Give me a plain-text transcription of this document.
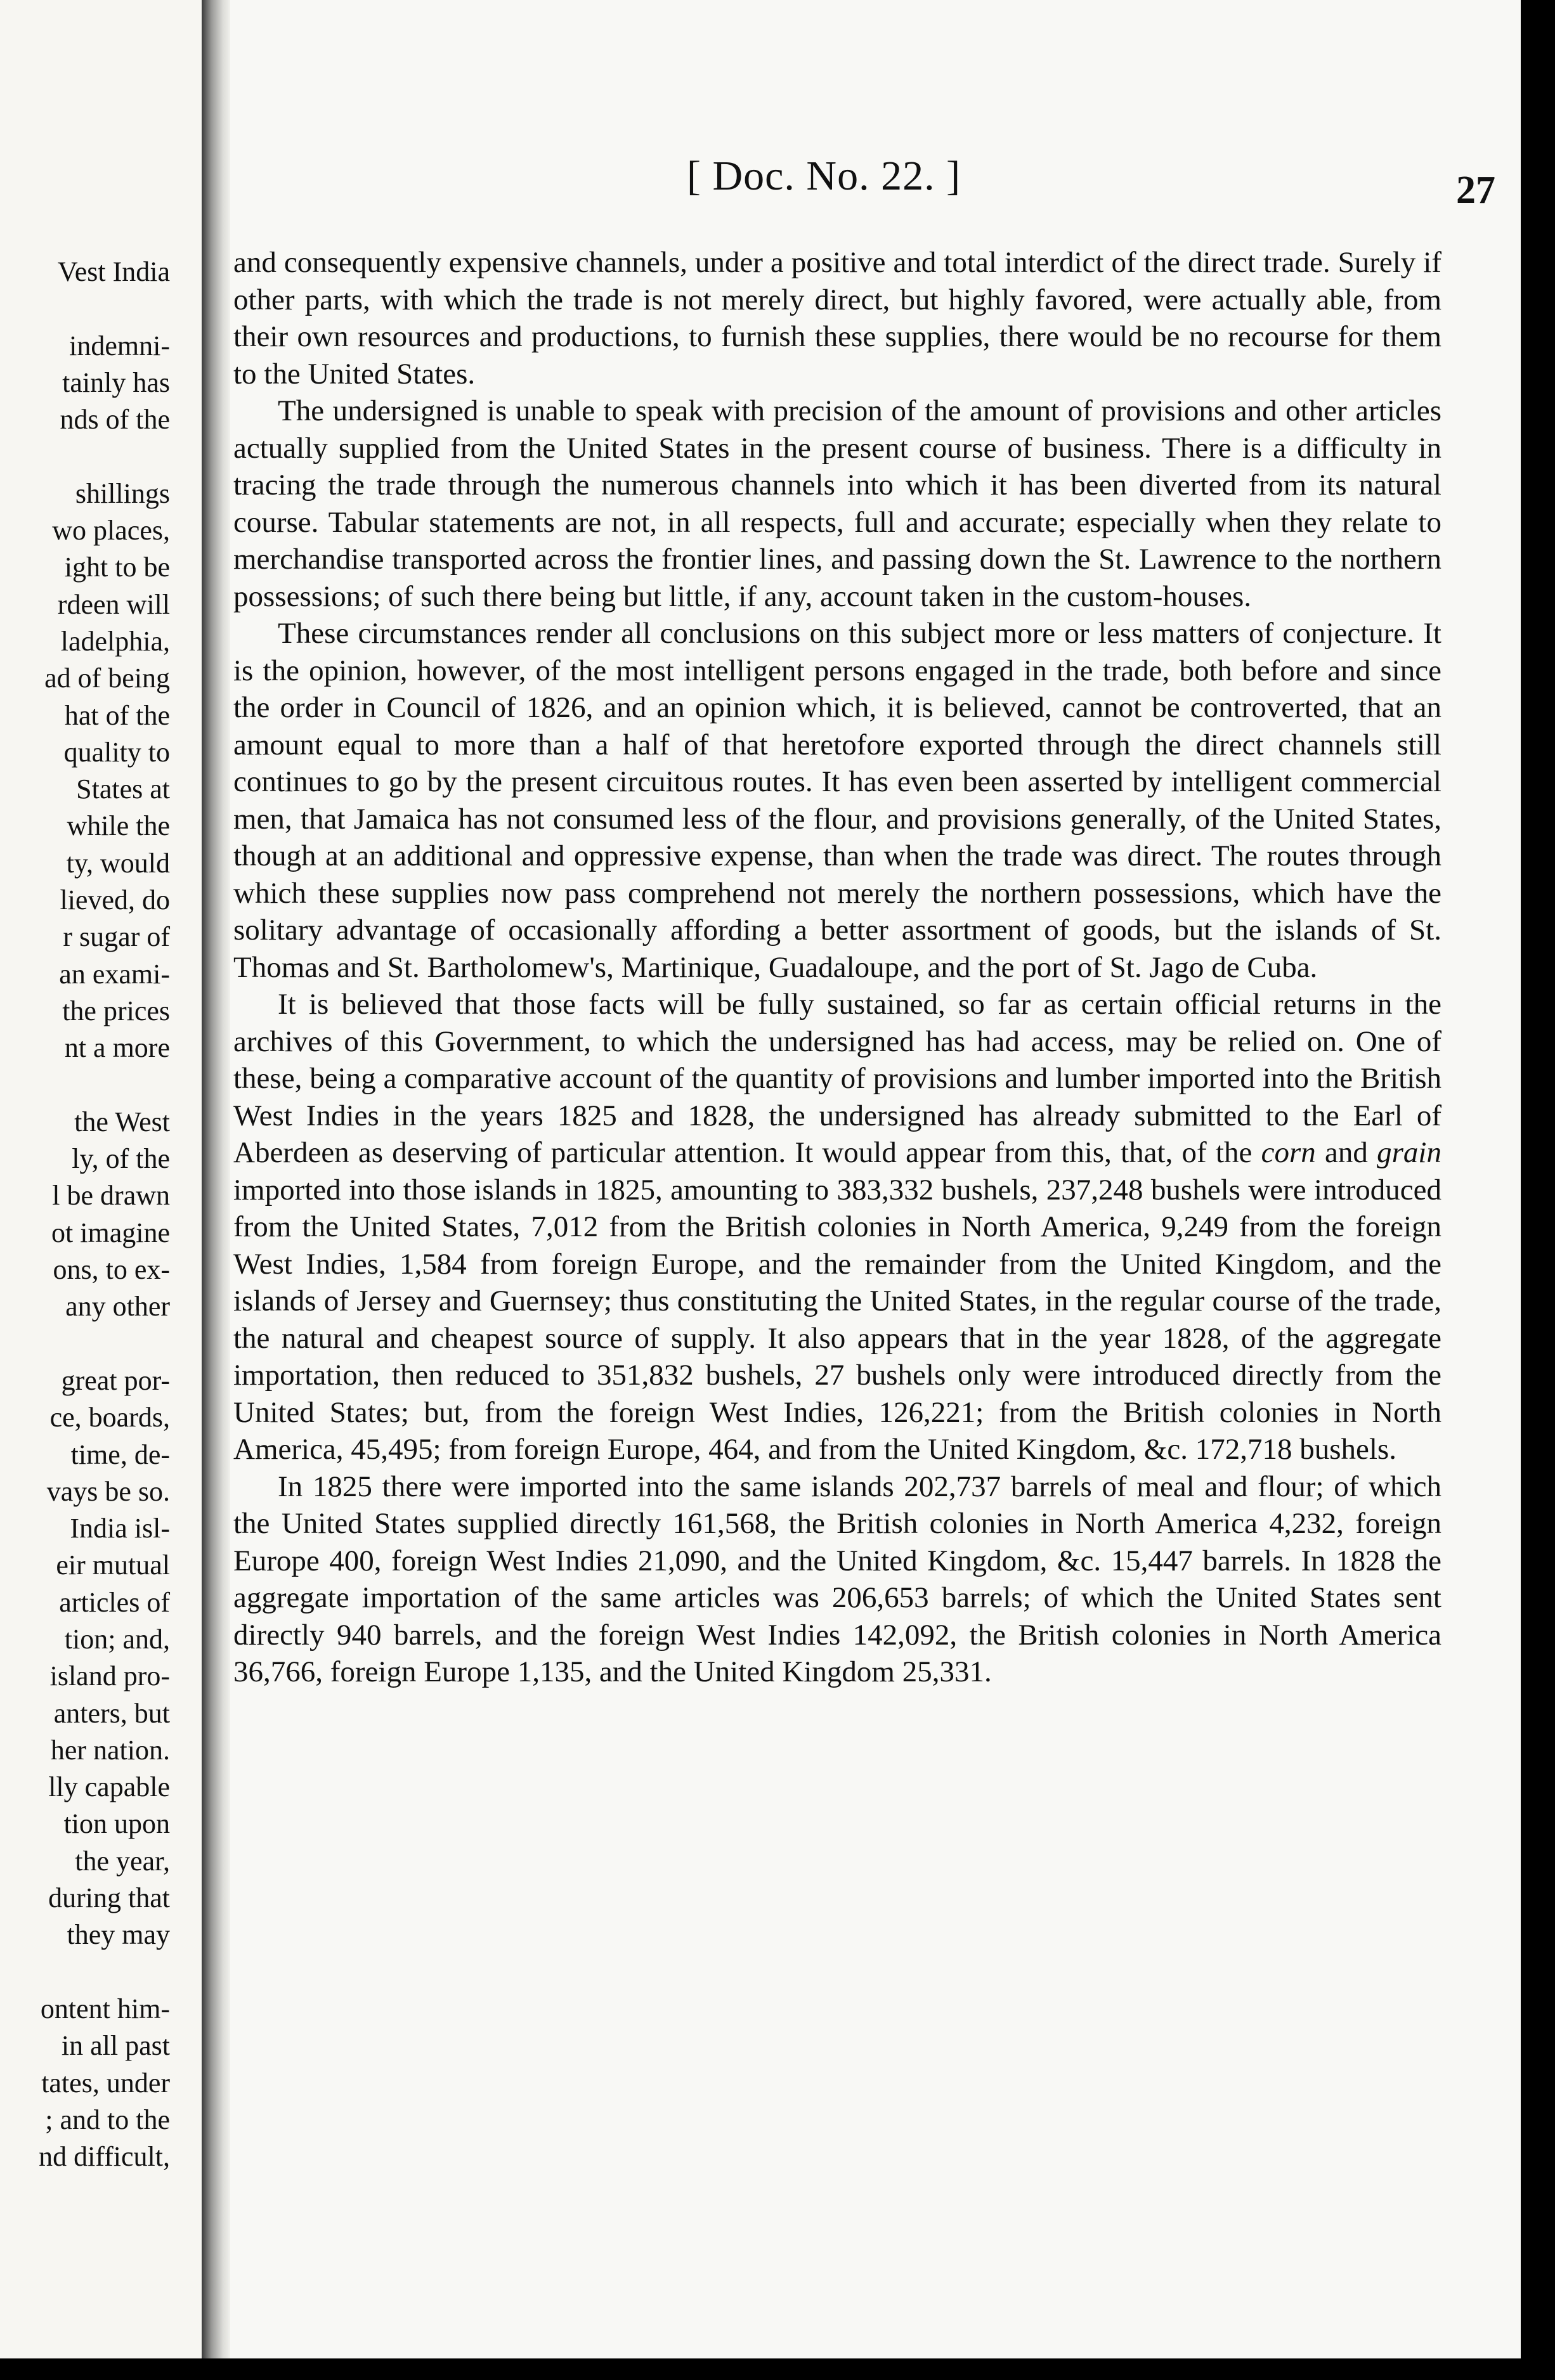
Vest India
indemni-
tainly has
nds of the
shillings
wo places,
ight to be
rdeen will
ladelphia,
ad of being
hat of the
quality to
States at
while the
ty, would
lieved, do
r sugar of
an exami-
the prices
nt a more
the West
ly, of the
l be drawn
ot imagine
ons, to ex-
any other
great por-
ce, boards,
time, de-
vays be so.
India isl-
eir mutual
articles of
tion; and,
island pro-
anters, but
her nation.
lly capable
tion upon
the year,
during that
they may
ontent him-
in all past
tates, under
; and to the
nd difficult,
[ Doc. No. 22. ]	27

and consequently expensive channels, under a positive and total interdict of the direct trade. Surely if other parts, with which the trade is not merely direct, but highly favored, were actually able, from their own resources and productions, to furnish these supplies, there would be no recourse for them to the United States.

The undersigned is unable to speak with precision of the amount of provisions and other articles actually supplied from the United States in the present course of business. There is a difficulty in tracing the trade through the numerous channels into which it has been diverted from its natural course. Tabular statements are not, in all respects, full and accurate; especially when they relate to merchandise transported across the frontier lines, and passing down the St. Lawrence to the northern possessions; of such there being but little, if any, account taken in the custom-houses.

These circumstances render all conclusions on this subject more or less matters of conjecture. It is the opinion, however, of the most intelligent persons engaged in the trade, both before and since the order in Council of 1826, and an opinion which, it is believed, cannot be controverted, that an amount equal to more than a half of that heretofore exported through the direct channels still continues to go by the present circuitous routes. It has even been asserted by intelligent commercial men, that Jamaica has not consumed less of the flour, and provisions generally, of the United States, though at an additional and oppressive expense, than when the trade was direct. The routes through which these supplies now pass comprehend not merely the northern possessions, which have the solitary advantage of occasionally affording a better assortment of goods, but the islands of St. Thomas and St. Bartholomew's, Martinique, Guadaloupe, and the port of St. Jago de Cuba.

It is believed that those facts will be fully sustained, so far as certain official returns in the archives of this Government, to which the undersigned has had access, may be relied on. One of these, being a comparative account of the quantity of provisions and lumber imported into the British West Indies in the years 1825 and 1828, the undersigned has already submitted to the Earl of Aberdeen as deserving of particular attention. It would appear from this, that, of the corn and grain imported into those islands in 1825, amounting to 383,332 bushels, 237,248 bushels were introduced from the United States, 7,012 from the British colonies in North America, 9,249 from the foreign West Indies, 1,584 from foreign Europe, and the remainder from the United Kingdom, and the islands of Jersey and Guernsey; thus constituting the United States, in the regular course of the trade, the natural and cheapest source of supply. It also appears that in the year 1828, of the aggregate importation, then reduced to 351,832 bushels, 27 bushels only were introduced directly from the United States; but, from the foreign West Indies, 126,221; from the British colonies in North America, 45,495; from foreign Europe, 464, and from the United Kingdom, &c. 172,718 bushels.

In 1825 there were imported into the same islands 202,737 barrels of meal and flour; of which the United States supplied directly 161,568, the British colonies in North America 4,232, foreign Europe 400, foreign West Indies 21,090, and the United Kingdom, &c. 15,447 barrels. In 1828 the aggregate importation of the same articles was 206,653 barrels; of which the United States sent directly 940 barrels, and the foreign West Indies 142,092, the British colonies in North America 36,766, foreign Europe 1,135, and the United Kingdom 25,331.
